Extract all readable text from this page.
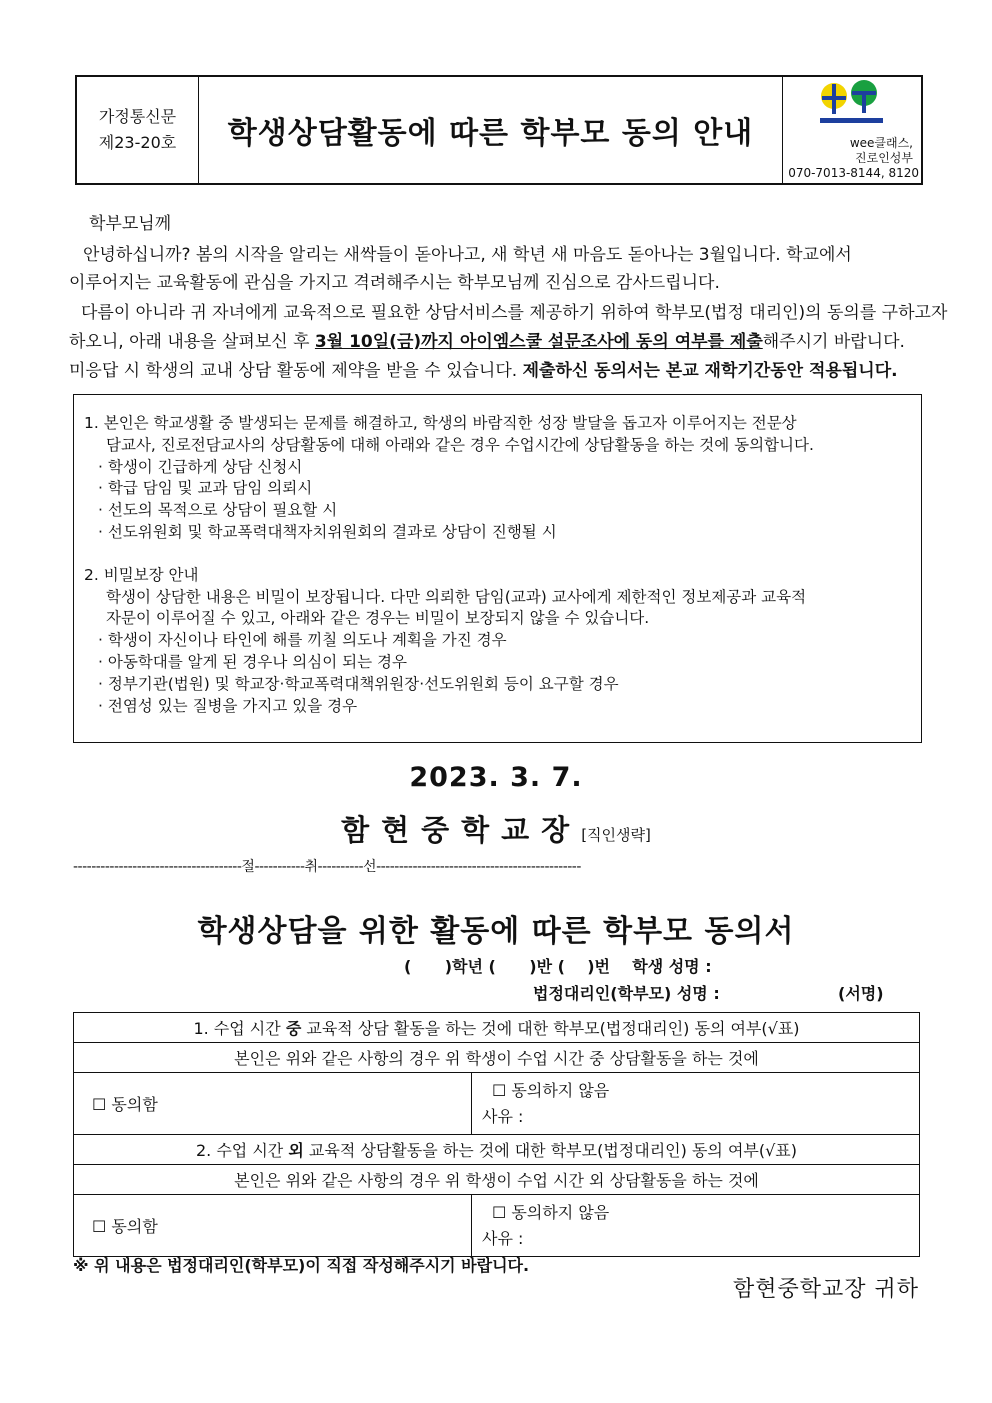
가정통신문
제23-20호	학생상담활동에 따른 학부모 동의 안내	wee클래스,
진로인성부
070-7013-8144, 8120
학부모님께
안녕하십니까? 봄의 시작을 알리는 새싹들이 돋아나고, 새 학년 새 마음도 돋아나는 3월입니다. 학교에서
이루어지는 교육활동에 관심을 가지고 격려해주시는 학부모님께 진심으로 감사드립니다.
다름이 아니라 귀 자녀에게 교육적으로 필요한 상담서비스를 제공하기 위하여 학부모(법정 대리인)의 동의를 구하고자
하오니, 아래 내용을 살펴보신 후 3월 10일(금)까지 아이엠스쿨 설문조사에 동의 여부를 제출해주시기 바랍니다.
미응답 시 학생의 교내 상담 활동에 제약을 받을 수 있습니다. 제출하신 동의서는 본교 재학기간동안 적용됩니다.
1. 본인은 학교생활 중 발생되는 문제를 해결하고, 학생의 바람직한 성장 발달을 돕고자 이루어지는 전문상
담교사, 진로전담교사의 상담활동에 대해 아래와 같은 경우 수업시간에 상담활동을 하는 것에 동의합니다.
· 학생이 긴급하게 상담 신청시
· 학급 담임 및 교과 담임 의뢰시
· 선도의 목적으로 상담이 필요할 시
· 선도위원회 및 학교폭력대책자치위원회의 결과로 상담이 진행될 시
2. 비밀보장 안내
학생이 상담한 내용은 비밀이 보장됩니다. 다만 의뢰한 담임(교과) 교사에게 제한적인 정보제공과 교육적
자문이 이루어질 수 있고, 아래와 같은 경우는 비밀이 보장되지 않을 수 있습니다.
· 학생이 자신이나 타인에 해를 끼칠 의도나 계획을 가진 경우
· 아동학대를 알게 된 경우나 의심이 되는 경우
· 정부기관(법원) 및 학교장·학교폭력대책위원장·선도위원회 등이 요구할 경우
· 전염성 있는 질병을 가지고 있을 경우
2023. 3. 7.
함현중학교장[직인생략]
-------------------------------------절-----------취----------선---------------------------------------------
학생상담을 위한 활동에 따른 학부모 동의서
(      )학년 (      )반 (    )번    학생 성명 :
법정대리인(학부모) 성명 :	(서명)
1. 수업 시간 중 교육적 상담 활동을 하는 것에 대한 학부모(법정대리인) 동의 여부(√표)	
본인은 위와 같은 사항의 경우 위 학생이 수업 시간 중 상담활동을 하는 것에	
☐ 동의함	☐ 동의하지 않음
사유 :

2. 수업 시간 외 교육적 상담활동을 하는 것에 대한 학부모(법정대리인) 동의 여부(√표)	
본인은 위와 같은 사항의 경우 위 학생이 수업 시간 외 상담활동을 하는 것에	
☐ 동의함	☐ 동의하지 않음
사유 :
※ 위 내용은 법정대리인(학부모)이 직접 작성해주시기 바랍니다.
함현중학교장 귀하
